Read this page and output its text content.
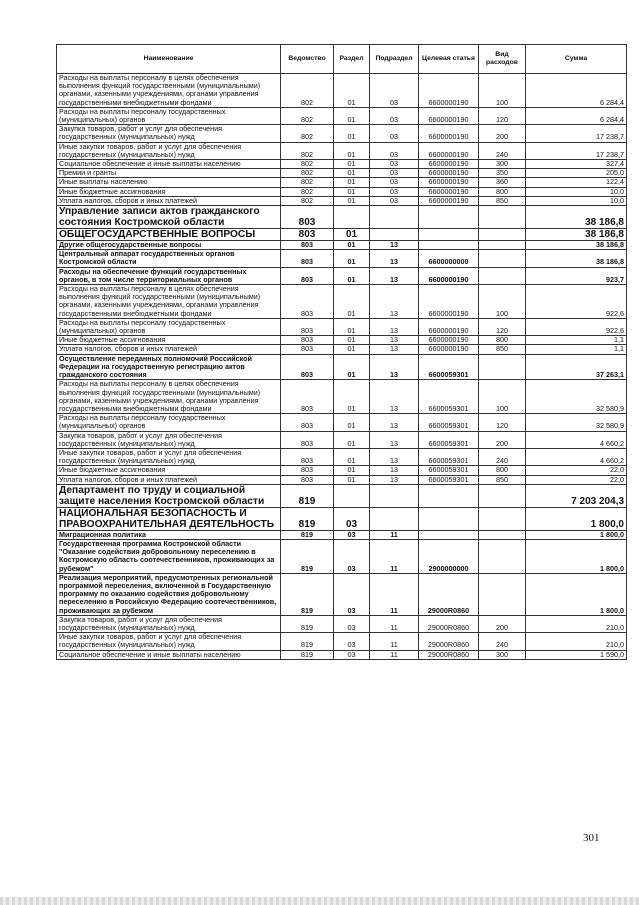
Наименование	Ведомство	Раздел	Подраздел	Целевая статья	Вид расходов	Сумма
Расходы на выплаты персоналу в целях обеспечения выполнения функций государственными (муниципальными) органами, казенными учреждениями, органами управления государственными внебюджетными фондами	802	01	03	6600000190	100	6 284,4
Расходы на выплаты персоналу государственных (муниципальных) органов	802	01	03	6600000190	120	6 284,4
Закупка товаров, работ и услуг для обеспечения государственных (муниципальных) нужд	802	01	03	6600000190	200	17 238,7
Иные закупки товаров, работ и услуг для обеспечения государственных (муниципальных) нужд	802	01	03	6600000190	240	17 238,7
Социальное обеспечение и иные выплаты населению	802	01	03	6600000190	300	327,4
Премии и гранты	802	01	03	6600000190	350	205,0
Иные выплаты населению	802	01	03	6600000190	360	122,4
Иные бюджетные ассигнования	802	01	03	6600000190	800	10,0
Уплата налогов, сборов и иных платежей	802	01	03	6600000190	850	10,0
Управление записи актов гражданского состояния Костромской области	803					38 186,8
ОБЩЕГОСУДАРСТВЕННЫЕ ВОПРОСЫ	803	01				38 186,8
Другие общегосударственные вопросы	803	01	13			38 186,8
Центральный аппарат государственных органов Костромской области	803	01	13	6600000000		38 186,8
Расходы на обеспечение функций государственных органов, в том числе территориальных органов	803	01	13	6600000190		923,7
Расходы на выплаты персоналу в целях обеспечения выполнения функций государственными (муниципальными) органами, казенными учреждениями, органами управления государственными внебюджетными фондами	803	01	13	6600000190	100	922,6
Расходы на выплаты персоналу государственных (муниципальных) органов	803	01	13	6600000190	120	922,6
Иные бюджетные ассигнования	803	01	13	6600000190	800	1,1
Уплата налогов, сборов и иных платежей	803	01	13	6600000190	850	1,1
Осуществление переданных полномочий Российской Федерации на государственную регистрацию актов гражданского состояния	803	01	13	6600059301		37 263,1
Расходы на выплаты персоналу в целях обеспечения выполнения функций государственными (муниципальными) органами, казенными учреждениями, органами управления государственными внебюджетными фондами	803	01	13	6600059301	100	32 580,9
Расходы на выплаты персоналу государственных (муниципальных) органов	803	01	13	6600059301	120	32 580,9
Закупка товаров, работ и услуг для обеспечения государственных (муниципальных) нужд	803	01	13	6600059301	200	4 660,2
Иные закупки товаров, работ и услуг для обеспечения государственных (муниципальных) нужд	803	01	13	6600059301	240	4 660,2
Иные бюджетные ассигнования	803	01	13	6600059301	800	22,0
Уплата налогов, сборов и иных платежей	803	01	13	6600059301	850	22,0
Департамент по труду и социальной защите населения Костромской области	819					7 203 204,3
НАЦИОНАЛЬНАЯ БЕЗОПАСНОСТЬ И ПРАВООХРАНИТЕЛЬНАЯ ДЕЯТЕЛЬНОСТЬ	819	03				1 800,0
Миграционная политика	819	03	11			1 800,0
Государственная программа Костромской области "Оказание содействия добровольному переселению в Костромскую область соотечественников, проживающих за рубежом"	819	03	11	2900000000		1 800,0
Реализация мероприятий, предусмотренных региональной программой переселения, включенной в Государственную программу по оказанию содействия добровольному переселению в Российскую Федерацию соотечественников, проживающих за рубежом	819	03	11	29000R0860		1 800,0
Закупка товаров, работ и услуг для обеспечения государственных (муниципальных) нужд	819	03	11	29000R0860	200	210,0
Иные закупки товаров, работ и услуг для обеспечения государственных (муниципальных) нужд	819	03	11	29000R0860	240	210,0
Социальное обеспечение и иные выплаты населению	819	03	11	29000R0860	300	1 590,0
301
